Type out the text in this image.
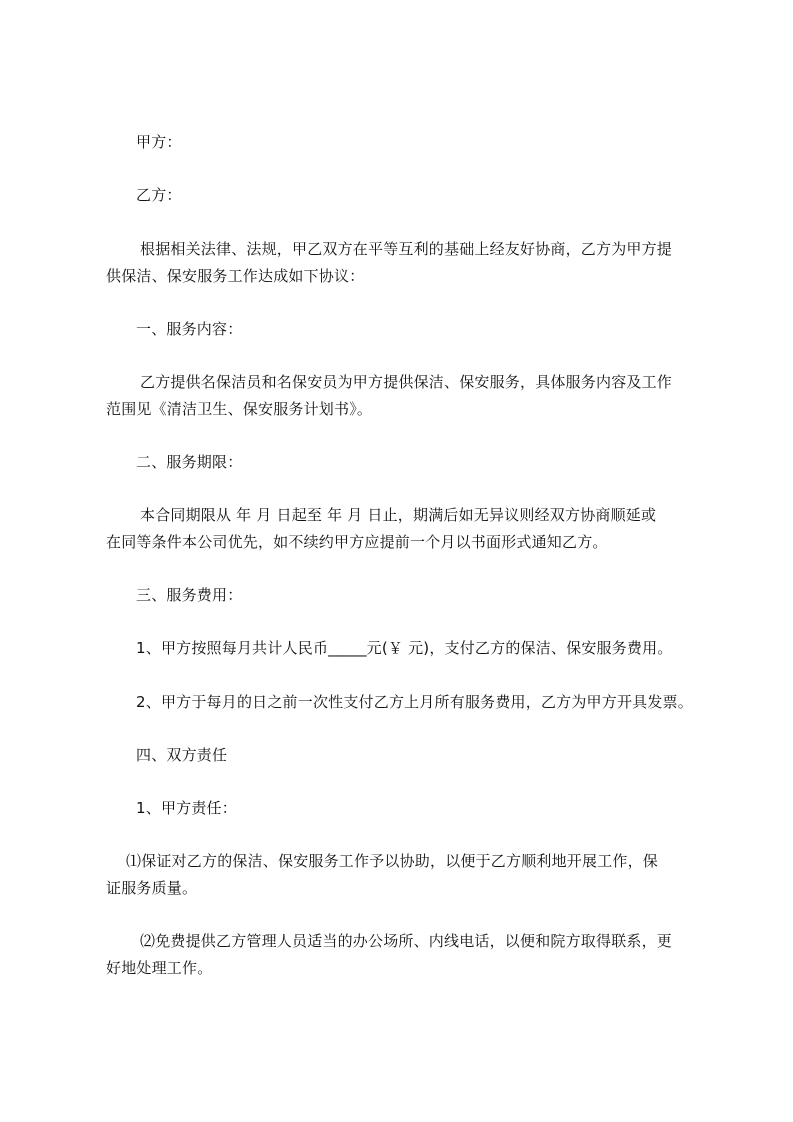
甲方：
乙方：
根据相关法律、法规，甲乙双方在平等互利的基础上经友好协商，乙方为甲方提
供保洁、保安服务工作达成如下协议：
一、服务内容：
乙方提供名保洁员和名保安员为甲方提供保洁、保安服务，具体服务内容及工作
范围见《清洁卫生、保安服务计划书》。
二、服务期限：
本合同期限从 年 月 日起至 年 月 日止，期满后如无异议则经双方协商顺延或
在同等条件本公司优先，如不续约甲方应提前一个月以书面形式通知乙方。
三、服务费用：
1、甲方按照每月共计人民币_____元(￥ 元)，支付乙方的保洁、保安服务费用。
2、甲方于每月的日之前一次性支付乙方上月所有服务费用，乙方为甲方开具发票。
四、双方责任
1、甲方责任：
⑴保证对乙方的保洁、保安服务工作予以协助，以便于乙方顺利地开展工作，保
证服务质量。
⑵免费提供乙方管理人员适当的办公场所、内线电话，以便和院方取得联系，更
好地处理工作。
